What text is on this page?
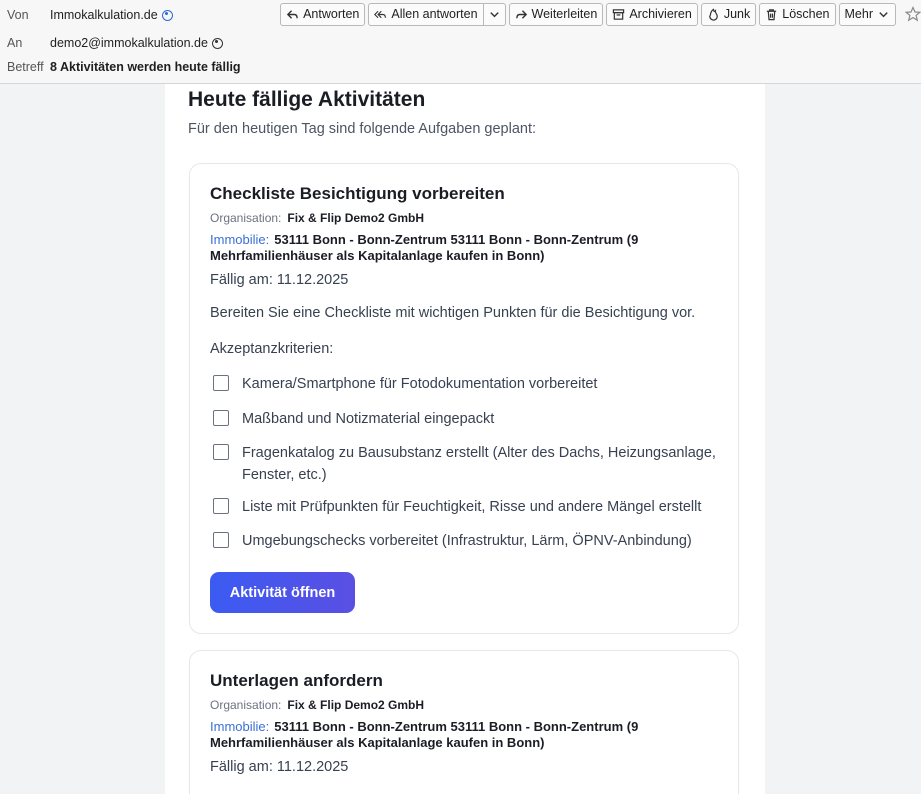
Von Immokalkulation.de	Antworten	Allen antworten	Weiterleiten	Archivieren	Junk	Löschen Mehr
An demo2@immokalkulation.de
Betreff 8 Aktivitäten werden heute fällig
Heute fällige Aktivitäten
Für den heutigen Tag sind folgende Aufgaben geplant:
Checkliste Besichtigung vorbereiten
Organisation: Fix & Flip Demo2 GmbH
Immobilie: 53111 Bonn - Bonn-Zentrum 53111 Bonn - Bonn-Zentrum (9 Mehrfamilienhäuser als Kapitalanlage kaufen in Bonn)
Fällig am: 11.12.2025
Bereiten Sie eine Checkliste mit wichtigen Punkten für die Besichtigung vor.
Akzeptanzkriterien:
Kamera/Smartphone für Fotodokumentation vorbereitet
Maßband und Notizmaterial eingepackt
Fragenkatalog zu Bausubstanz erstellt (Alter des Dachs, Heizungsanlage, Fenster, etc.)
Liste mit Prüfpunkten für Feuchtigkeit, Risse und andere Mängel erstellt
Umgebungschecks vorbereitet (Infrastruktur, Lärm, ÖPNV-Anbindung)
Aktivität öffnen
Unterlagen anfordern
Organisation: Fix & Flip Demo2 GmbH
Immobilie: 53111 Bonn - Bonn-Zentrum 53111 Bonn - Bonn-Zentrum (9 Mehrfamilienhäuser als Kapitalanlage kaufen in Bonn)
Fällig am: 11.12.2025
